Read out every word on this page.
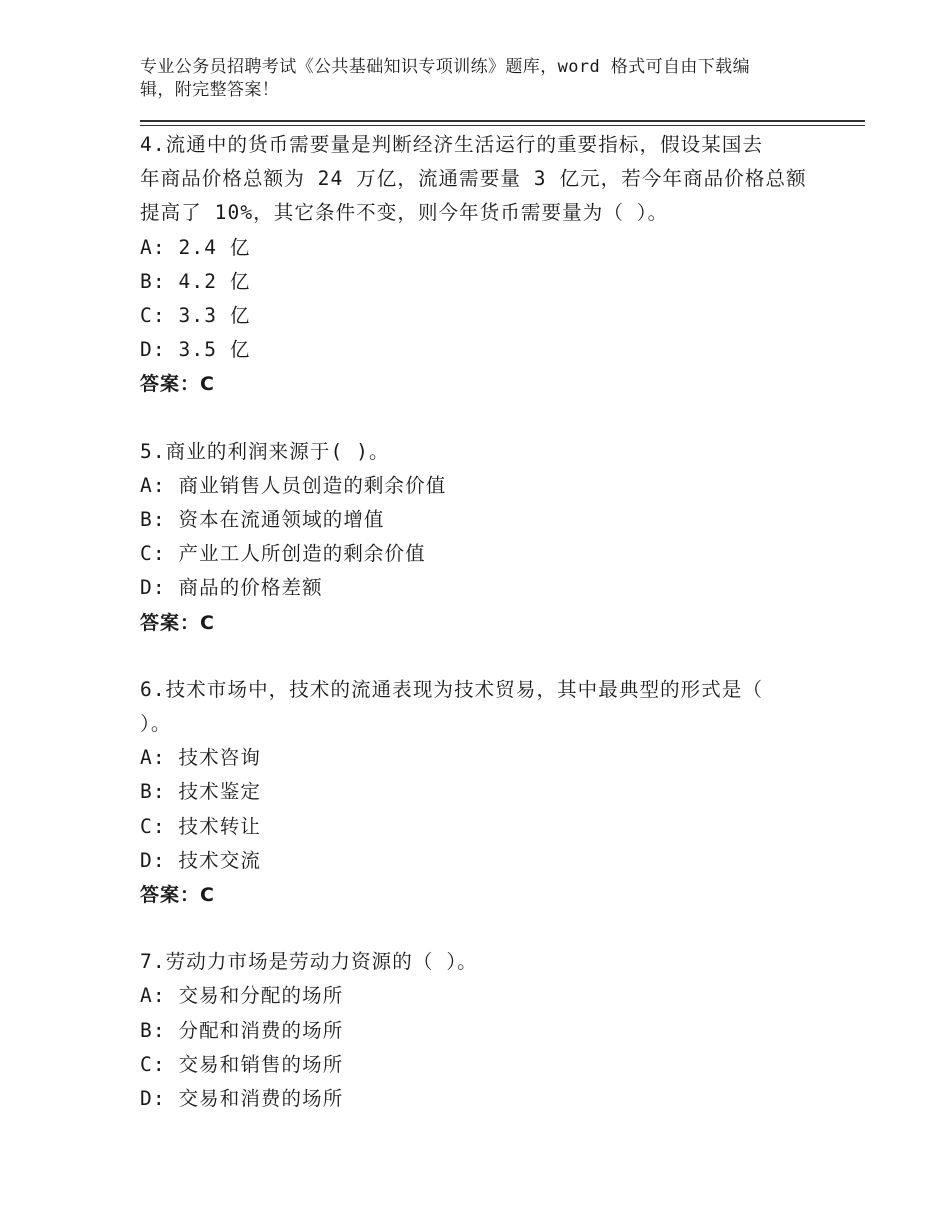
专业公务员招聘考试《公共基础知识专项训练》题库，word 格式可自由下载编
辑，附完整答案！
4.流通中的货币需要量是判断经济生活运行的重要指标，假设某国去
年商品价格总额为 24 万亿，流通需要量 3 亿元，若今年商品价格总额
提高了 10%，其它条件不变，则今年货币需要量为（ ）。
A: 2.4 亿
B: 4.2 亿
C: 3.3 亿
D: 3.5 亿
答案：C
5.商业的利润来源于( )。
A: 商业销售人员创造的剩余价值
B: 资本在流通领域的增值
C: 产业工人所创造的剩余价值
D: 商品的价格差额
答案：C
6.技术市场中，技术的流通表现为技术贸易，其中最典型的形式是（
）。
A: 技术咨询
B: 技术鉴定
C: 技术转让
D: 技术交流
答案：C
7.劳动力市场是劳动力资源的（ ）。
A: 交易和分配的场所
B: 分配和消费的场所
C: 交易和销售的场所
D: 交易和消费的场所
